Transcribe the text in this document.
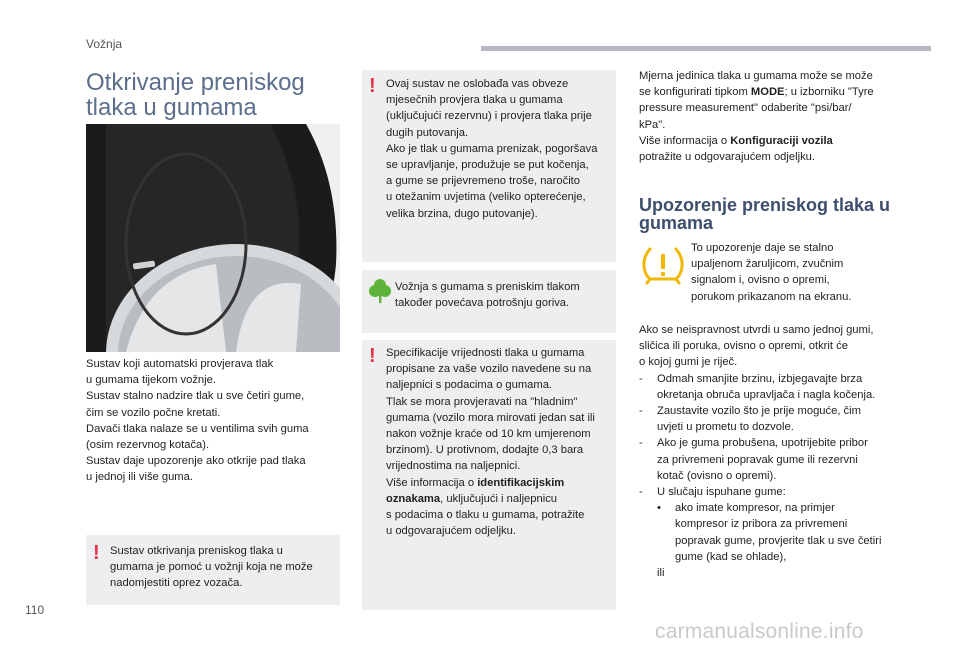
Vožnja
Otkrivanje preniskog tlaka u gumama
Sustav koji automatski provjerava tlak
u gumama tijekom vožnje.
Sustav stalno nadzire tlak u sve četiri gume,
čim se vozilo počne kretati.
Davači tlaka nalaze se u ventilima svih guma
(osim rezervnog kotača).
Sustav daje upozorenje ako otkrije pad tlaka
u jednoj ili više guma.
! Sustav otkrivanja preniskog tlaka u
gumama je pomoć u vožnji koja ne može
nadomjestiti oprez vozača.
! Ovaj sustav ne oslobađa vas obveze
mjesečnih provjera tlaka u gumama
(uključujući rezervnu) i provjera tlaka prije
dugih putovanja.
Ako je tlak u gumama prenizak, pogoršava
se upravljanje, produžuje se put kočenja,
a gume se prijevremeno troše, naročito
u otežanim uvjetima (veliko opterećenje,
velika brzina, dugo putovanje).
Vožnja s gumama s preniskim tlakom
također povećava potrošnju goriva.
! Specifikacije vrijednosti tlaka u gumama
propisane za vaše vozilo navedene su na
naljepnici s podacima o gumama.
Tlak se mora provjeravati na "hladnim"
gumama (vozilo mora mirovati jedan sat ili
nakon vožnje kraće od 10 km umjerenom
brzinom). U protivnom, dodajte 0,3 bara
vrijednostima na naljepnici.
Više informacija o identifikacijskim
oznakama, uključujući i naljepnicu
s podacima o tlaku u gumama, potražite
u odgovarajućem odjeljku.
Mjerna jedinica tlaka u gumama može se može
se konfigurirati tipkom MODE; u izborniku "Tyre
pressure measurement" odaberite "psi/bar/
kPa".
Više informacija o Konfiguraciji vozila
potražite u odgovarajućem odjeljku.
Upozorenje preniskog tlaka u gumama
To upozorenje daje se stalno
upaljenom žaruljicom, zvučnim
signalom i, ovisno o opremi,
porukom prikazanom na ekranu.
Ako se neispravnost utvrdi u samo jednoj gumi,
sličica ili poruka, ovisno o opremi, otkrit će
o kojoj gumi je riječ.
- Odmah smanjite brzinu, izbjegavajte brza
okretanja obruča upravljača i nagla kočenja.
- Zaustavite vozilo što je prije moguće, čim
uvjeti u prometu to dozvole.
- Ako je guma probušena, upotrijebite pribor
za privremeni popravak gume ili rezervni
kotač (ovisno o opremi).
- U slučaju ispuhane gume:
•	ako imate kompresor, na primjer
kompresor iz pribora za privremeni
popravak gume, provjerite tlak u sve četiri
gume (kad se ohlade),
ili
110
carmanualsonline.info
